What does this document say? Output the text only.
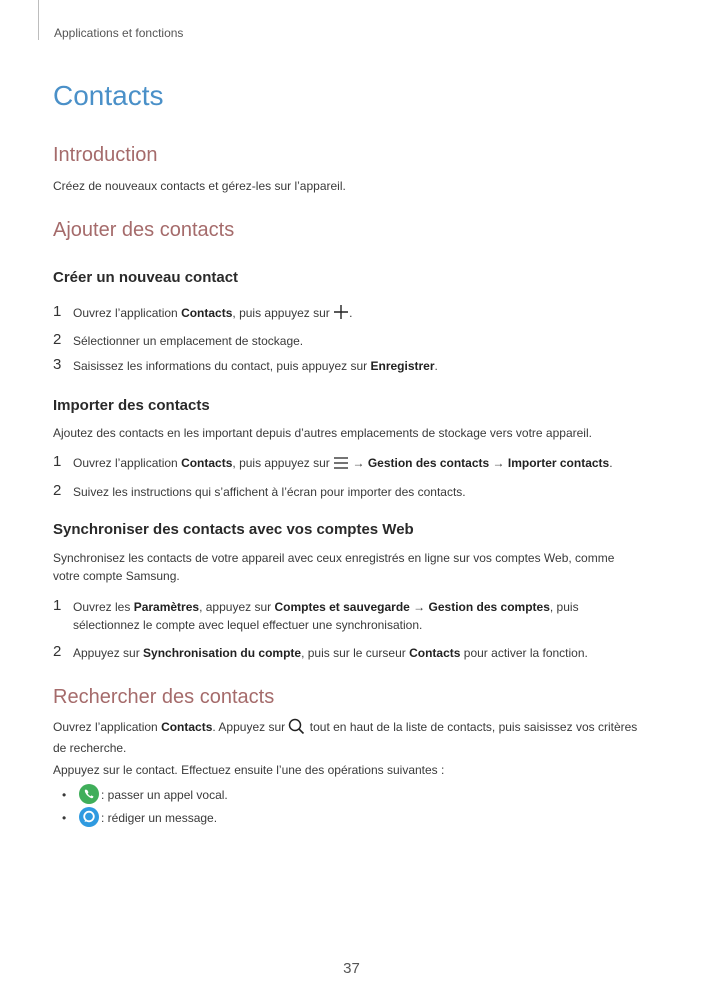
Applications et fonctions
Contacts
Introduction
Créez de nouveaux contacts et gérez-les sur l’appareil.
Ajouter des contacts
Créer un nouveau contact
1 Ouvrez l’application Contacts, puis appuyez sur .
2 Sélectionner un emplacement de stockage.
3 Saisissez les informations du contact, puis appuyez sur Enregistrer.
Importer des contacts
Ajoutez des contacts en les important depuis d’autres emplacements de stockage vers votre appareil.
1 Ouvrez l’application Contacts, puis appuyez sur  → Gestion des contacts → Importer contacts.
2 Suivez les instructions qui s’affichent à l’écran pour importer des contacts.
Synchroniser des contacts avec vos comptes Web
Synchronisez les contacts de votre appareil avec ceux enregistrés en ligne sur vos comptes Web, comme votre compte Samsung.
1 Ouvrez les Paramètres, appuyez sur Comptes et sauvegarde → Gestion des comptes, puis sélectionnez le compte avec lequel effectuer une synchronisation.
2 Appuyez sur Synchronisation du compte, puis sur le curseur Contacts pour activer la fonction.
Rechercher des contacts
Ouvrez l’application Contacts. Appuyez sur  tout en haut de la liste de contacts, puis saisissez vos critères de recherche.
Appuyez sur le contact. Effectuez ensuite l’une des opérations suivantes :
•	: passer un appel vocal.
•	: rédiger un message.
37
